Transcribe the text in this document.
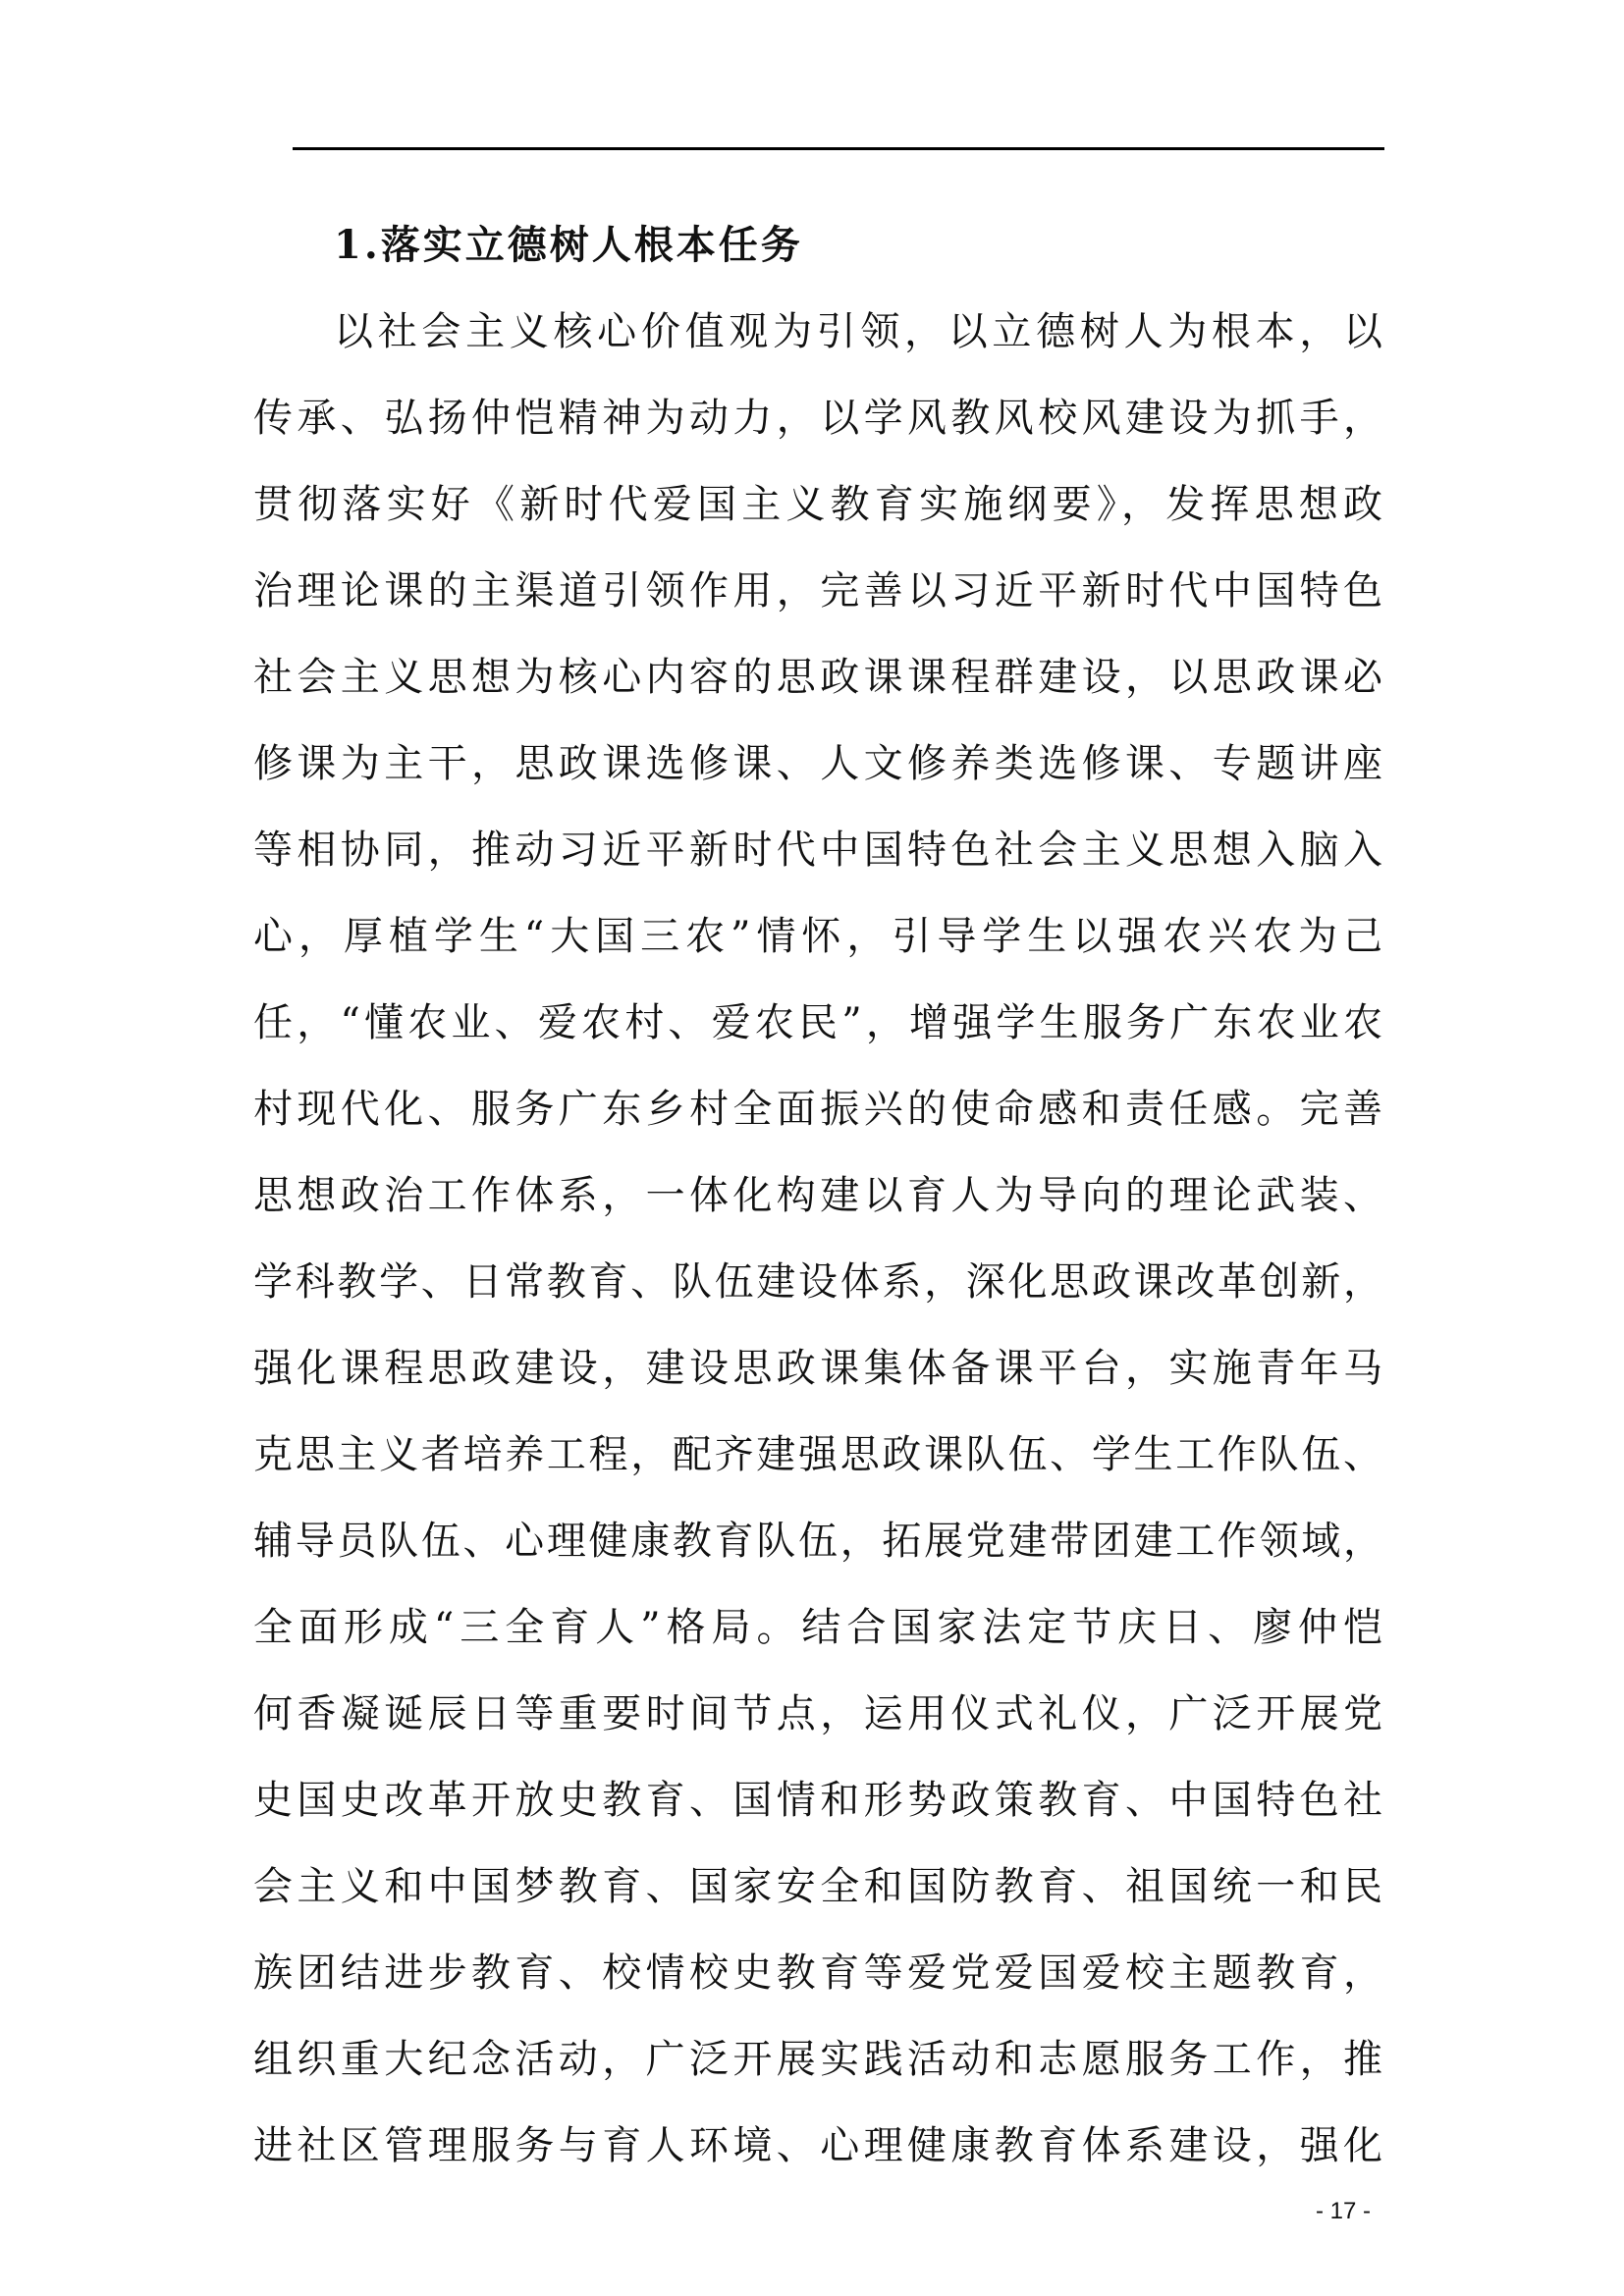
1.落实立德树人根本任务
以社会主义核心价值观为引领，以立德树人为根本，以
传承、弘扬仲恺精神为动力，以学风教风校风建设为抓手，
贯彻落实好《新时代爱国主义教育实施纲要》，发挥思想政
治理论课的主渠道引领作用，完善以习近平新时代中国特色
社会主义思想为核心内容的思政课课程群建设，以思政课必
修课为主干，思政课选修课、人文修养类选修课、专题讲座
等相协同，推动习近平新时代中国特色社会主义思想入脑入
心，厚植学生“大国三农”情怀，引导学生以强农兴农为己
任，“懂农业、爱农村、爱农民”，增强学生服务广东农业农
村现代化、服务广东乡村全面振兴的使命感和责任感。完善
思想政治工作体系，一体化构建以育人为导向的理论武装、
学科教学、日常教育、队伍建设体系，深化思政课改革创新，
强化课程思政建设，建设思政课集体备课平台，实施青年马
克思主义者培养工程，配齐建强思政课队伍、学生工作队伍、
辅导员队伍、心理健康教育队伍，拓展党建带团建工作领域，
全面形成“三全育人”格局。结合国家法定节庆日、廖仲恺
何香凝诞辰日等重要时间节点，运用仪式礼仪，广泛开展党
史国史改革开放史教育、国情和形势政策教育、中国特色社
会主义和中国梦教育、国家安全和国防教育、祖国统一和民
族团结进步教育、校情校史教育等爱党爱国爱校主题教育，
组织重大纪念活动，广泛开展实践活动和志愿服务工作，推
进社区管理服务与育人环境、心理健康教育体系建设，强化
- 17 -
